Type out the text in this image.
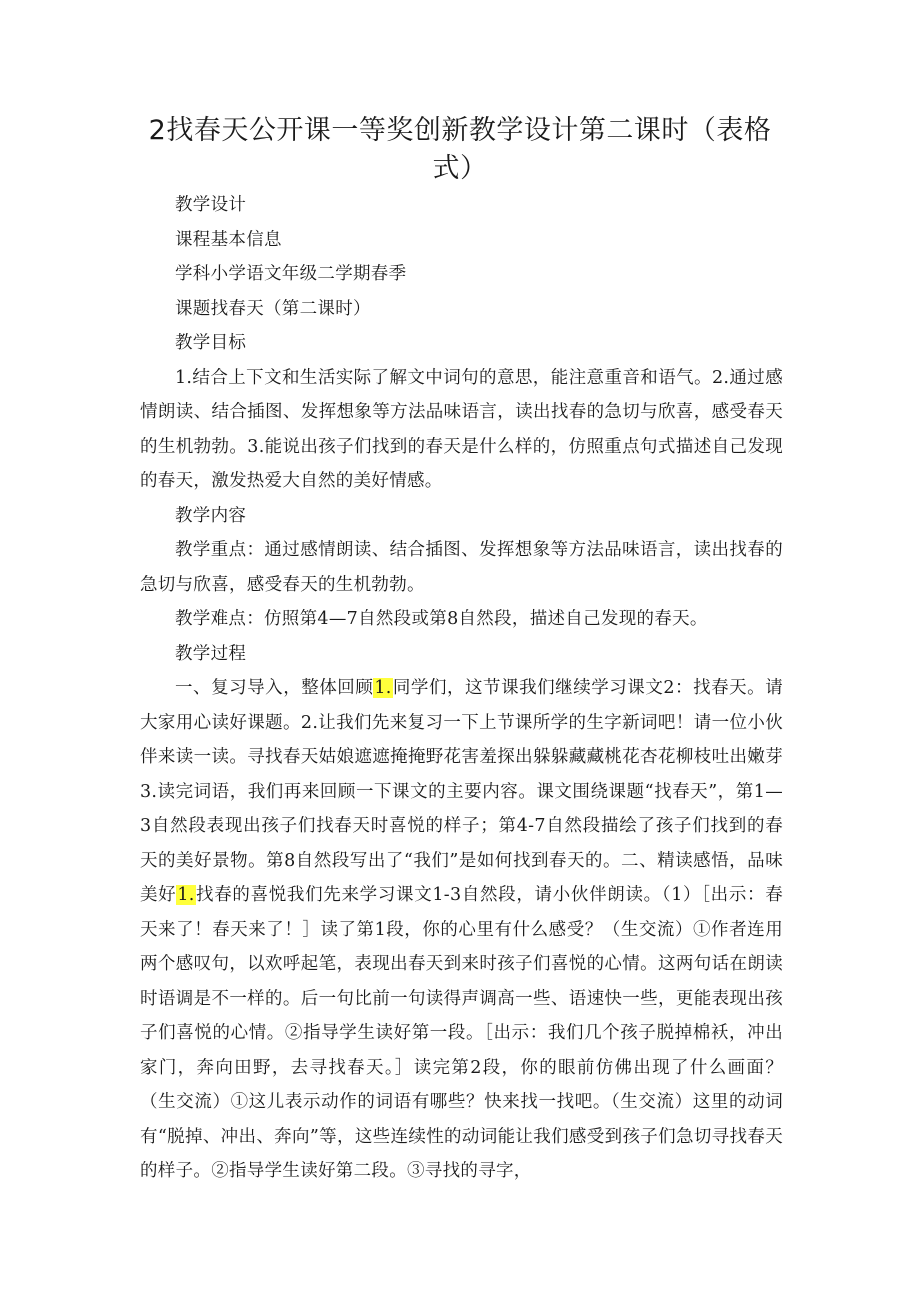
2找春天公开课一等奖创新教学设计第二课时（表格式）

教学设计

课程基本信息

学科小学语文年级二学期春季

课题找春天（第二课时）

教学目标

1.结合上下文和生活实际了解文中词句的意思，能注意重音和语气。2.通过感情朗读、结合插图、发挥想象等方法品味语言，读出找春的急切与欣喜，感受春天的生机勃勃。3.能说出孩子们找到的春天是什么样的，仿照重点句式描述自己发现的春天，激发热爱大自然的美好情感。

教学内容

教学重点：通过感情朗读、结合插图、发挥想象等方法品味语言，读出找春的急切与欣喜，感受春天的生机勃勃。

教学难点：仿照第4—7自然段或第8自然段，描述自己发现的春天。

教学过程

一、复习导入，整体回顾1.同学们，这节课我们继续学习课文2：找春天。请大家用心读好课题。2.让我们先来复习一下上节课所学的生字新词吧！请一位小伙伴来读一读。寻找春天姑娘遮遮掩掩野花害羞探出躲躲藏藏桃花杏花柳枝吐出嫩芽3.读完词语，我们再来回顾一下课文的主要内容。课文围绕课题“找春天”，第1—3自然段表现出孩子们找春天时喜悦的样子；第4-7自然段描绘了孩子们找到的春天的美好景物。第8自然段写出了“我们”是如何找到春天的。二、精读感悟，品味美好1.找春的喜悦我们先来学习课文1-3自然段，请小伙伴朗读。（1）［出示：春天来了！春天来了！］读了第1段，你的心里有什么感受？（生交流）①作者连用两个感叹句，以欢呼起笔，表现出春天到来时孩子们喜悦的心情。这两句话在朗读时语调是不一样的。后一句比前一句读得声调高一些、语速快一些，更能表现出孩子们喜悦的心情。②指导学生读好第一段。［出示：我们几个孩子脱掉棉袄，冲出家门，奔向田野，去寻找春天。］读完第2段，你的眼前仿佛出现了什么画面？（生交流）①这儿表示动作的词语有哪些？快来找一找吧。（生交流）这里的动词有“脱掉、冲出、奔向”等，这些连续性的动词能让我们感受到孩子们急切寻找春天的样子。②指导学生读好第二段。③寻找的寻字，
